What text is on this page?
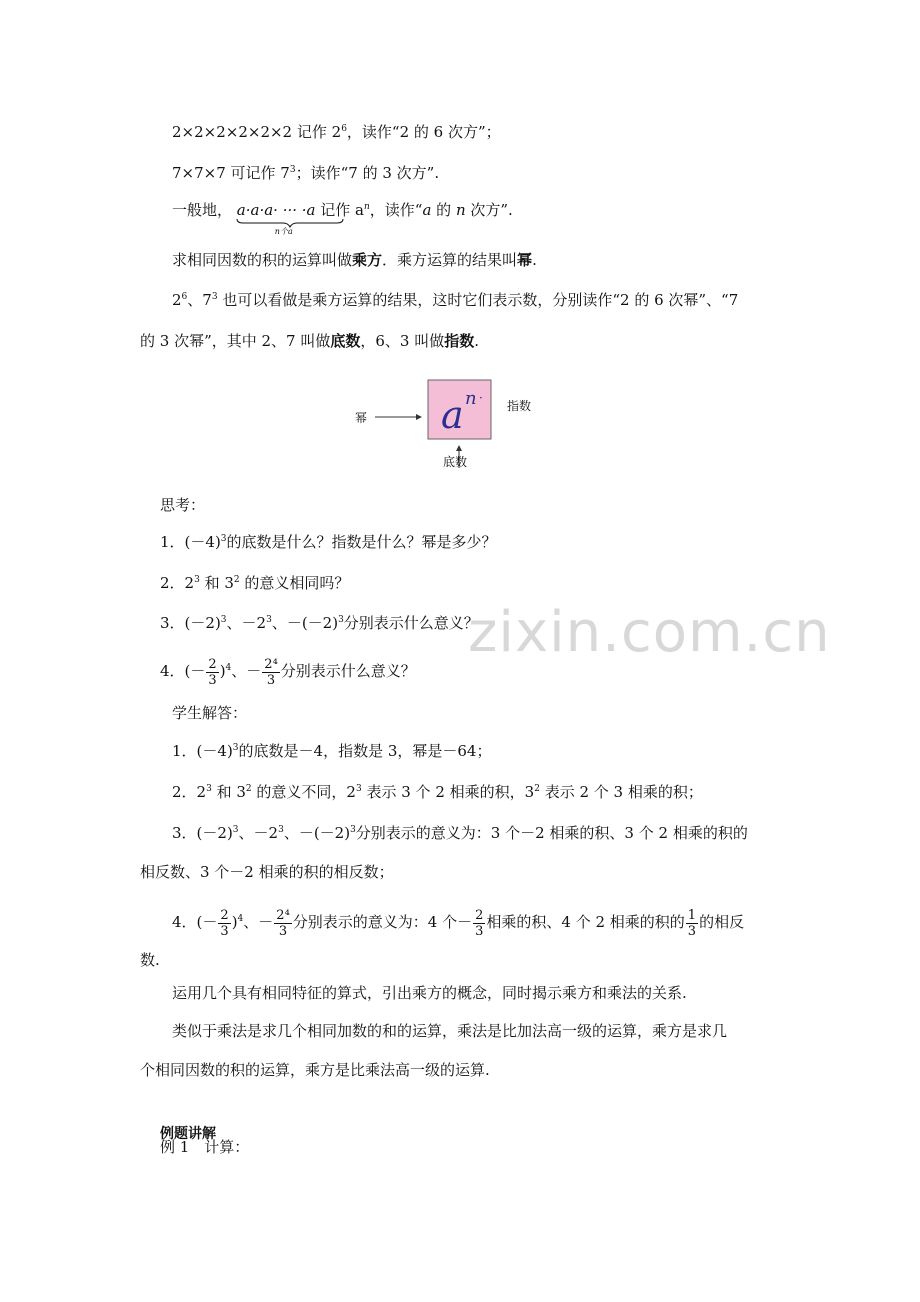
2×2×2×2×2×2 记作 $2^6$，读作“2 的 6 次方”；
7×7×7 可记作 $7^3$；读作“7 的 3 次方”.
一般地， a·a·a· ··· ·a
n个a
记作 $a^n$，读作“a 的 n 次方”.
求相同因数的积的运算叫做乘方．乘方运算的结果叫幂.
$2^6$、$7^3$ 也可以看做是乘方运算的结果，这时它们表示数，分别读作“2 的 6 次幂”、“7
的 3 次幂”，其中 2、7 叫做底数，6、3 叫做指数.
a n ·
幂
指数
底数
思考：
1．$(-4)^3$的底数是什么？指数是什么？幂是多少？
2．$2^3$ 和 $3^2$ 的意义相同吗？
3．$(-2)^3$、$-2^3$、$-(-2)^3$分别表示什么意义？
4．(－ $\frac{2}{3} )^4$、－ $\frac{\text{2⁴}}{3}$ 分别表示什么意义？
zixin.com.cn
学生解答：
1．$(-4)^3$的底数是－4，指数是 3，幂是－64；
2．$2^3$ 和 $3^2$ 的意义不同，$2^3$ 表示 3 个 2 相乘的积，$3^2$ 表示 2 个 3 相乘的积；
3．$(-2)^3$、$-2^3$、$-(-2)^3$分别表示的意义为：3 个－2 相乘的积、3 个 2 相乘的积的
相反数、3 个－2 相乘的积的相反数；
4．(－ $\frac{2}{3} )^4$、－ $\frac{\text{2⁴}}{3}$ 分别表示的意义为：4 个－ $\frac{2}{3}$ 相乘的积、4 个 2 相乘的积的 $\frac{1}{3}$ 的相反
数.
运用几个具有相同特征的算式，引出乘方的概念，同时揭示乘方和乘法的关系.
类似于乘法是求几个相同加数的和的运算，乘法是比加法高一级的运算，乘方是求几
个相同因数的积的运算，乘方是比乘法高一级的运算.
例题讲解
例 1　计算：
